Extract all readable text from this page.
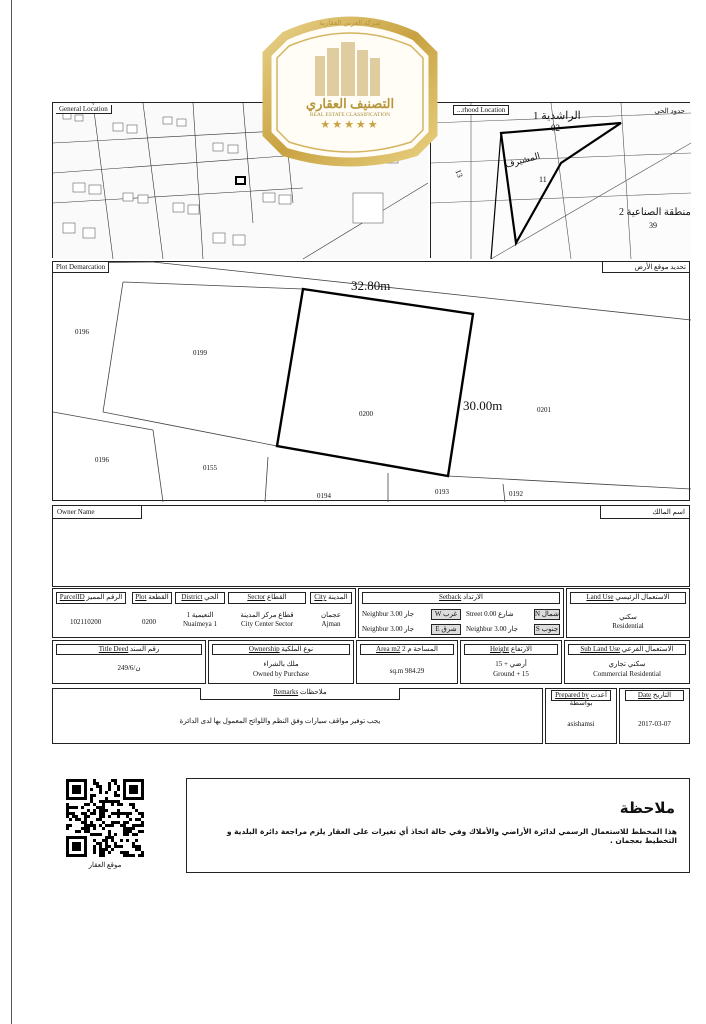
General Location	...rhood Location	حدود الحي
الراشدية 1
02
المشيرف
11
13
منطقة الصناعية 2
39
شركة العربي العقارية
التصنيف العقاري
REAL ESTATE CLASSIFICATION
★★★★★
Plot Demarcation	تحديد موقع الأرض
32.80m
30.00m
0196
0199
0200	0201
0196
0155
0194	0193	0192
Owner Name	اسم المالك
ParcelID الرقم المميز
102110200
Plot القطعة
0200
District الحي
النعيمية 1
Nuaimeya 1
Sector القطاع
قطاع مركز المدينة
City Center Sector
City المدينة
عجمان
Ajman
Setback الارتداد
Neighbur 3.00 جار	W غرب	Street 0.00 شارع	N شمال
Neighbur 3.00 جار	E شرق	Neighbur 3.00 جار	S جنوب
Land Use الاستعمال الرئيسي
سكني
Residential
Title Deed رقم السند
249/6/ن
Ownership نوع الملكية
ملك بالشراء
Owned by Purchase
Area m2 المساحة م 2
sq.m 984.29
Height الارتفاع
أرضي + 15
Ground + 15
Sub Land Use الاستعمال الفرعي
سكني تجاري
Commercial Residential
Remarks ملاحظات
يجب توفير مواقف سيارات وفق النظم واللوائح المعمول بها لدى الدائرة
Prepared by أعدت بواسطة
asishamsi
Date التاريخ
2017-03-07
موقع العقار
ملاحظة
هذا المخطط للاستعمال الرسمي لدائرة الأراضي والأملاك وفي حالة اتخاذ أي تغيرات على العقار يلزم مراجعة دائرة البلدية و التخطيط بعجمان .
